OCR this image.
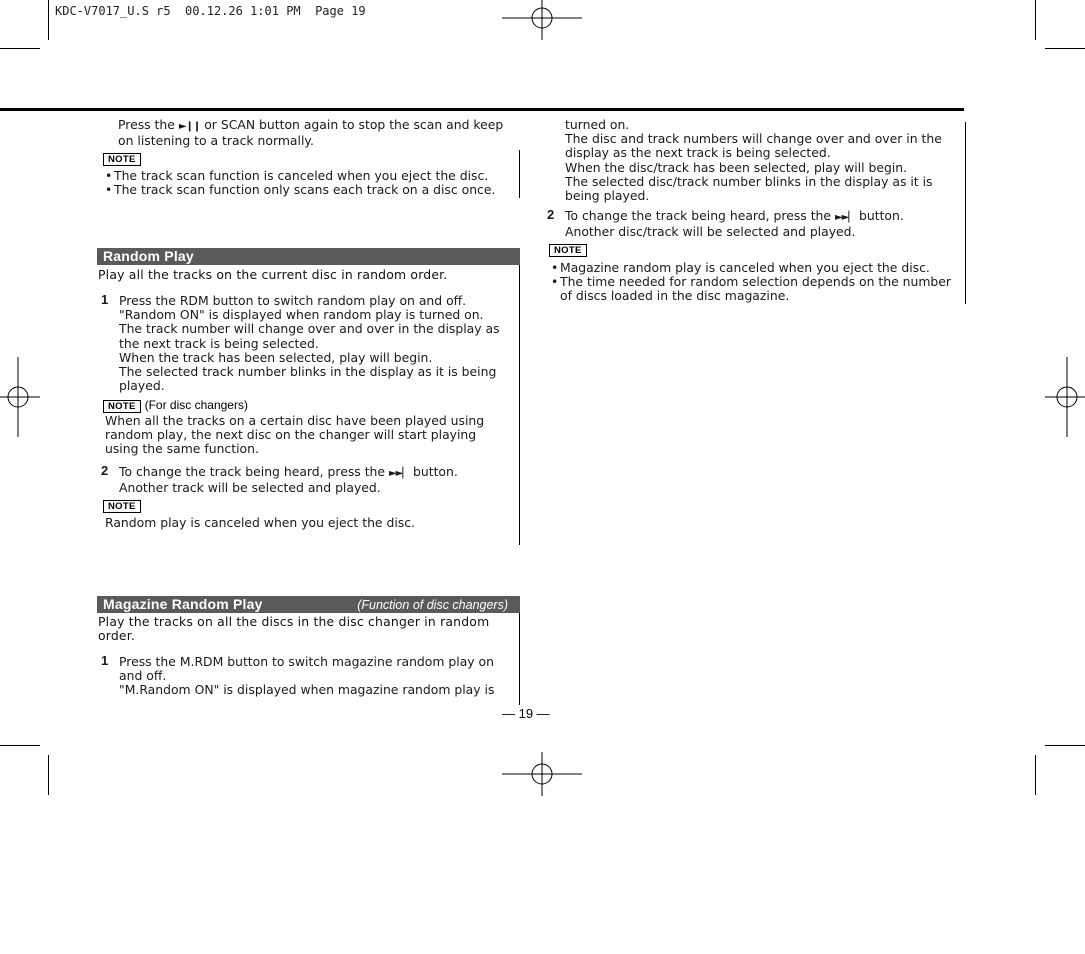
KDC-V7017_U.S r5  00.12.26 1:01 PM  Page 19

Press the ►❙❙ or SCAN button again to stop the scan and keep on listening to a track normally.

NOTE
• The track scan function is canceled when you eject the disc.
• The track scan function only scans each track on a disc once.
Random Play
Play all the tracks on the current disc in random order.
1 Press the RDM button to switch random play on and off.
"Random ON" is displayed when random play is turned on.
The track number will change over and over in the display as the next track is being selected.
When the track has been selected, play will begin.
The selected track number blinks in the display as it is being played.
NOTE (For disc changers)
When all the tracks on a certain disc have been played using random play, the next disc on the changer will start playing using the same function.
2 To change the track being heard, press the ►►▏ button.
Another track will be selected and played.
NOTE
Random play is canceled when you eject the disc.
Magazine Random Play	(Function of disc changers)
Play the tracks on all the discs in the disc changer in random order.
1 Press the M.RDM button to switch magazine random play on and off.
"M.Random ON" is displayed when magazine random play is
turned on.
The disc and track numbers will change over and over in the display as the next track is being selected.
When the disc/track has been selected, play will begin.
The selected disc/track number blinks in the display as it is being played.
2 To change the track being heard, press the ►►▏ button.
Another disc/track will be selected and played.
NOTE
• Magazine random play is canceled when you eject the disc.
• The time needed for random selection depends on the number of discs loaded in the disc magazine.
— 19 —
